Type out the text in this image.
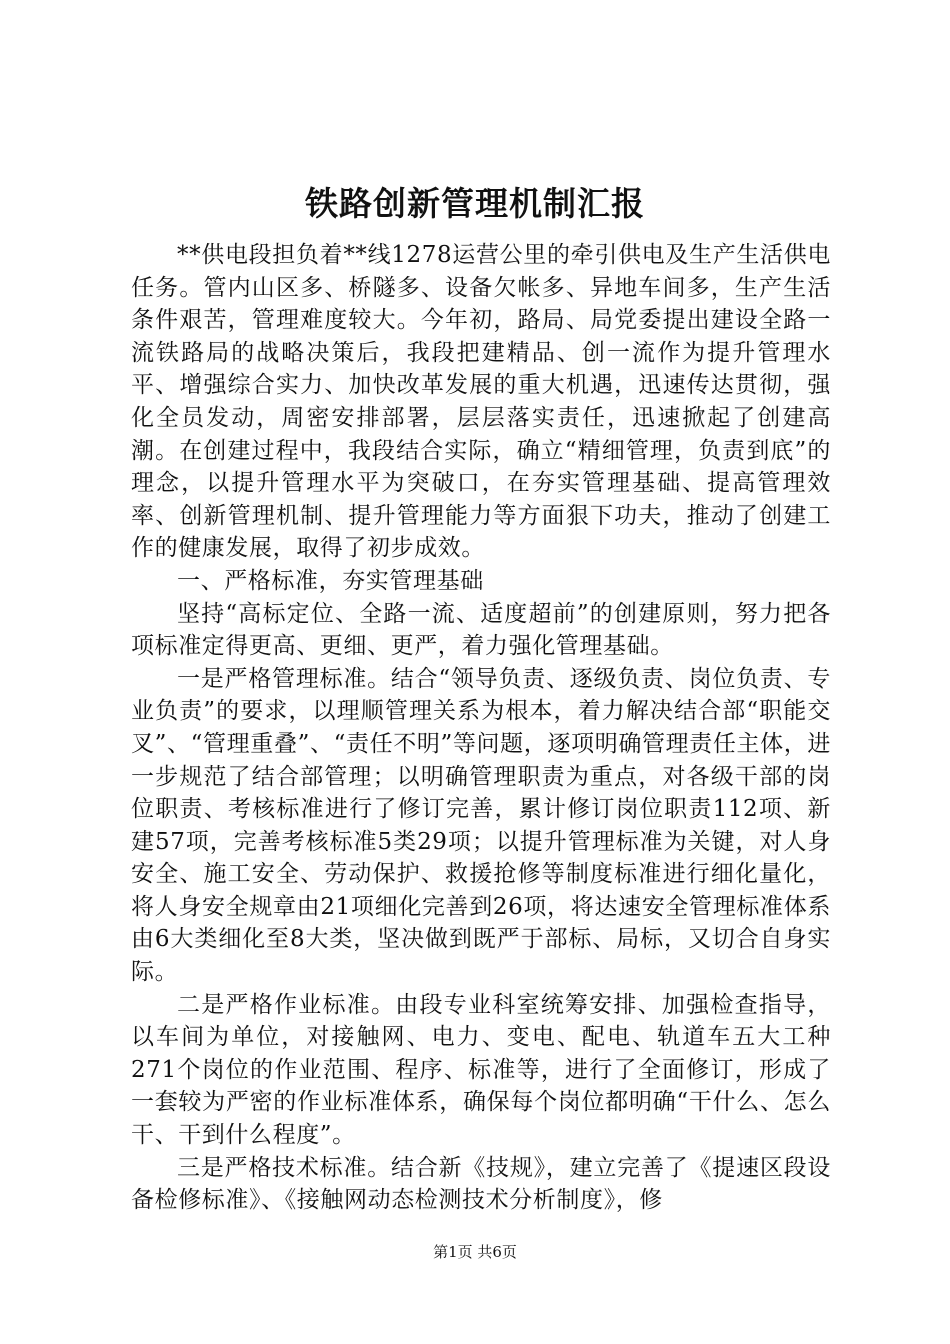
铁路创新管理机制汇报

**供电段担负着**线1278运营公里的牵引供电及生产生活供电任务。管内山区多、桥隧多、设备欠帐多、异地车间多，生产生活条件艰苦，管理难度较大。今年初，路局、局党委提出建设全路一流铁路局的战略决策后，我段把建精品、创一流作为提升管理水平、增强综合实力、加快改革发展的重大机遇，迅速传达贯彻，强化全员发动，周密安排部署，层层落实责任，迅速掀起了创建高潮。在创建过程中，我段结合实际，确立“精细管理，负责到底”的理念，以提升管理水平为突破口，在夯实管理基础、提高管理效率、创新管理机制、提升管理能力等方面狠下功夫，推动了创建工作的健康发展，取得了初步成效。

一、严格标准，夯实管理基础

坚持“高标定位、全路一流、适度超前”的创建原则，努力把各项标准定得更高、更细、更严，着力强化管理基础。

一是严格管理标准。结合“领导负责、逐级负责、岗位负责、专业负责”的要求，以理顺管理关系为根本，着力解决结合部“职能交叉”、“管理重叠”、“责任不明”等问题，逐项明确管理责任主体，进一步规范了结合部管理；以明确管理职责为重点，对各级干部的岗位职责、考核标准进行了修订完善，累计修订岗位职责112项、新建57项，完善考核标准5类29项；以提升管理标准为关键，对人身安全、施工安全、劳动保护、救援抢修等制度标准进行细化量化，将人身安全规章由21项细化完善到26项，将达速安全管理标准体系由6大类细化至8大类，坚决做到既严于部标、局标，又切合自身实际。

二是严格作业标准。由段专业科室统筹安排、加强检查指导，以车间为单位，对接触网、电力、变电、配电、轨道车五大工种271个岗位的作业范围、程序、标准等，进行了全面修订，形成了一套较为严密的作业标准体系，确保每个岗位都明确“干什么、怎么干、干到什么程度”。

三是严格技术标准。结合新《技规》，建立完善了《提速区段设备检修标准》、《接触网动态检测技术分析制度》，修

第1页 共6页
